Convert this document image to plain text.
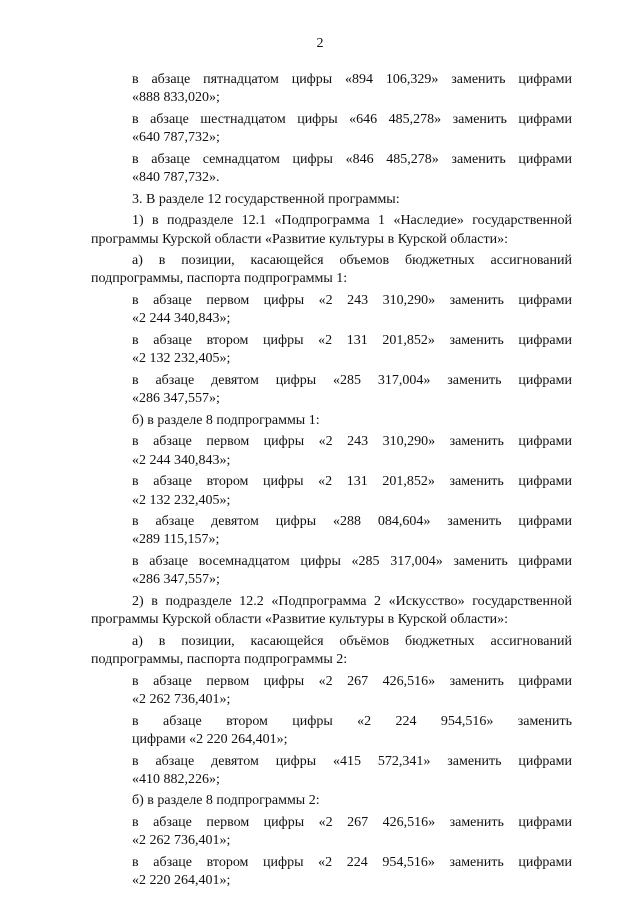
2

в абзаце пятнадцатом цифры «894 106,329» заменить цифрами
«888 833,020»;

в абзаце шестнадцатом цифры «646 485,278» заменить цифрами
«640 787,732»;

в абзаце семнадцатом цифры «846 485,278» заменить цифрами
«840 787,732».

3. В разделе 12 государственной программы:

1) в подразделе 12.1 «Подпрограмма 1 «Наследие» государственной программы Курской области «Развитие культуры в Курской области»:

а) в позиции, касающейся объемов бюджетных ассигнований подпрограммы, паспорта подпрограммы 1:

в абзаце первом цифры «2 243 310,290» заменить цифрами
«2 244 340,843»;

в абзаце втором цифры «2 131 201,852» заменить цифрами
«2 132 232,405»;

в абзаце девятом цифры «285 317,004» заменить цифрами
«286 347,557»;

б) в разделе 8 подпрограммы 1:

в абзаце первом цифры «2 243 310,290» заменить цифрами
«2 244 340,843»;

в абзаце втором цифры «2 131 201,852» заменить цифрами
«2 132 232,405»;

в абзаце девятом цифры «288 084,604» заменить цифрами
«289 115,157»;

в абзаце восемнадцатом цифры «285 317,004» заменить цифрами
«286 347,557»;

2) в подразделе 12.2 «Подпрограмма 2 «Искусство» государственной программы Курской области «Развитие культуры в Курской области»:

а) в позиции, касающейся объёмов бюджетных ассигнований подпрограммы, паспорта подпрограммы 2:

в абзаце первом цифры «2 267 426,516» заменить цифрами
«2 262 736,401»;

в абзаце втором цифры «2 224 954,516» заменить
цифрами «2 220 264,401»;

в абзаце девятом цифры «415 572,341» заменить цифрами
«410 882,226»;

б) в разделе 8 подпрограммы 2:

в абзаце первом цифры «2 267 426,516» заменить цифрами
«2 262 736,401»;

в абзаце втором цифры «2 224 954,516» заменить цифрами
«2 220 264,401»;
